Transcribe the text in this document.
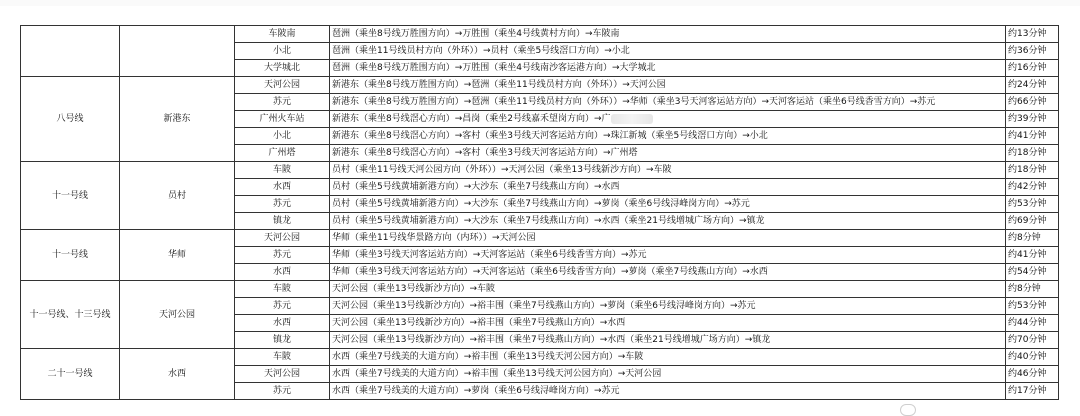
		车陂南	琶洲（乘坐8号线万胜围方向）→万胜围（乘坐4号线黄村方向）→车陂南	约13分钟
		小北	琶洲（乘坐11号线员村方向（外环））→员村（乘坐5号线滘口方向）→小北	约36分钟
		大学城北	琶洲（乘坐8号线万胜围方向）→万胜围（乘坐4号线南沙客运港方向）→大学城北	约16分钟
八号线	新港东	天河公园	新港东（乘坐8号线万胜围方向）→琶洲（乘坐11号线员村方向（外环））→天河公园	约24分钟
		苏元	新港东（乘坐8号线万胜围方向）→琶洲（乘坐11号线员村方向（外环））→华师（乘坐3号天河客运站方向）→天河客运站（乘坐6号线香雪方向）→苏元	约66分钟
		广州火车站	新港东（乘坐8号线滘心方向）→昌岗（乘坐2号线嘉禾望岗方向）→广	约39分钟
		小北	新港东（乘坐8号线滘心方向）→客村（乘坐3号线天河客运站方向）→珠江新城（乘坐5号线滘口方向）→小北	约41分钟
		广州塔	新港东（乘坐8号线滘心方向）→客村（乘坐3号线天河客运站方向）→广州塔	约18分钟
十一号线	员村	车陂	员村（乘坐11号线天河公园方向（外环））→天河公园（乘坐13号线新沙方向）→车陂	约18分钟
		水西	员村（乘坐5号线黄埔新港方向）→大沙东（乘坐7号线燕山方向）→水西	约42分钟
		苏元	员村（乘坐5号线黄埔新港方向）→大沙东（乘坐7号线燕山方向）→萝岗（乘坐6号线浔峰岗方向）→苏元	约53分钟
		镇龙	员村（乘坐5号线黄埔新港方向）→大沙东（乘坐7号线燕山方向）→水西（乘坐21号线增城广场方向）→镇龙	约69分钟
十一号线	华师	天河公园	华师（乘坐11号线华景路方向（内环））→天河公园	约8分钟
		苏元	华师（乘坐3号线天河客运站方向）→天河客运站（乘坐6号线香雪方向）→苏元	约41分钟
		水西	华师（乘坐3号线天河客运站方向）→天河客运站（乘坐6号线香雪方向）→萝岗（乘坐7号线燕山方向）→水西	约54分钟
十一号线、十三号线	天河公园	车陂	天河公园（乘坐13号线新沙方向）→车陂	约8分钟
		苏元	天河公园（乘坐13号线新沙方向）→裕丰围（乘坐7号线燕山方向）→萝岗（乘坐6号线浔峰岗方向）→苏元	约53分钟
		水西	天河公园（乘坐13号线新沙方向）→裕丰围（乘坐7号线燕山方向）→水西	约44分钟
		镇龙	天河公园（乘坐13号线新沙方向）→裕丰围（乘坐7号线燕山方向）→水西（乘坐21号线增城广场方向）→镇龙	约70分钟
二十一号线	水西	车陂	水西（乘坐7号线美的大道方向）→裕丰围（乘坐13号线天河公园方向）→车陂	约40分钟
		天河公园	水西（乘坐7号线美的大道方向）→裕丰围（乘坐13号线天河公园方向）→天河公园	约46分钟
		苏元	水西（乘坐7号线美的大道方向）→萝岗（乘坐6号线浔峰岗方向）→苏元	约17分钟
